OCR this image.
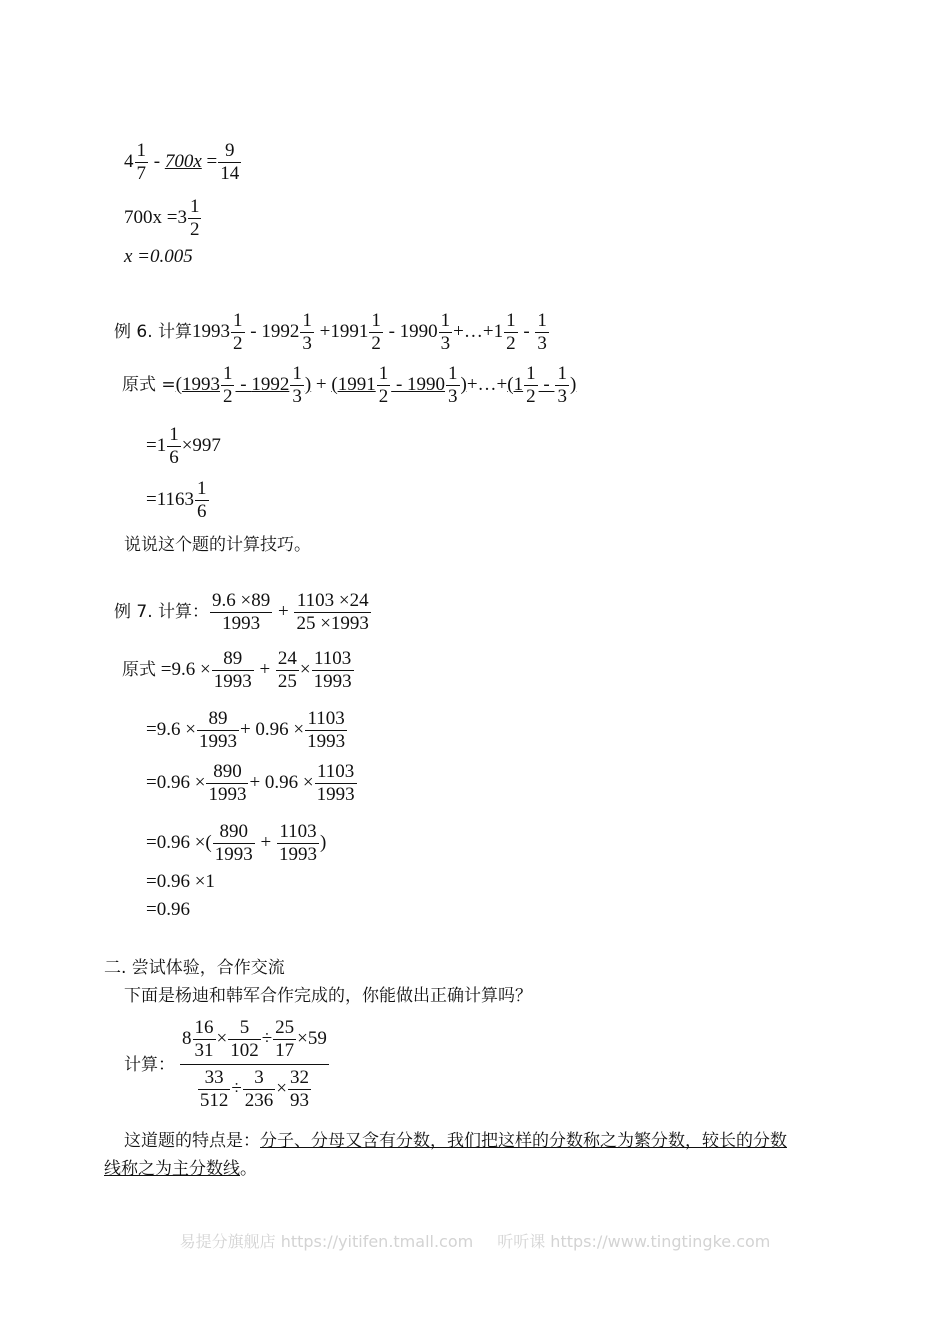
$4 \frac{1}{7} - 700x = \frac{9}{14}$
$700x =3 \frac{1}{2}$
x =0.005
例 6. 计算$1993 \frac{1}{2} - 1992 \frac{1}{3} +1991 \frac{1}{2} - 1990 \frac{1}{3}$ +…+1 $\frac{1}{2} - \frac{1}{3}$
原式 $=(1993 \frac{1}{2} - 1992 \frac{1}{3}$ ) + ($1991 \frac{1}{2} - 1990 \frac{1}{3}$ )+…+(1 $\frac{1}{2} - \frac{1}{3}$ )
$=1 \frac{1}{6} \times 997$
$=1163 \frac{1}{6}$
说说这个题的计算技巧。
例 7. 计算： $\frac{9.6 \times 89}{1993} + \frac{1103 \times 24}{25 \times 1993}$
原式 $=9.6 \times \frac{89}{1993} + \frac{24}{25} \times \frac{1103}{1993}$
$=9.6 \times \frac{89}{1993} + 0.96 \times \frac{1103}{1993}$
$=0.96 \times \frac{890}{1993} + 0.96 \times \frac{1103}{1993}$
=0.96 ×( $\frac{890}{1993} + \frac{1103}{1993}$ )
=0.96 ×1
=0.96
二. 尝试体验，合作交流
下面是杨迪和韩军合作完成的，你能做出正确计算吗？
计算： $\frac{8 \frac{16}{31} \times \frac{5}{102} \div \frac{25}{17} \times 59}{\frac{33}{512} \div \frac{3}{236} \times \frac{32}{93}}$
这道题的特点是：分子、分母又含有分数，我们把这样的分数称之为繁分数，较长的分数
线称之为主分数线。
易提分旗舰店 https://yitifen.tmall.com 听听课 https://www.tingtingke.com
